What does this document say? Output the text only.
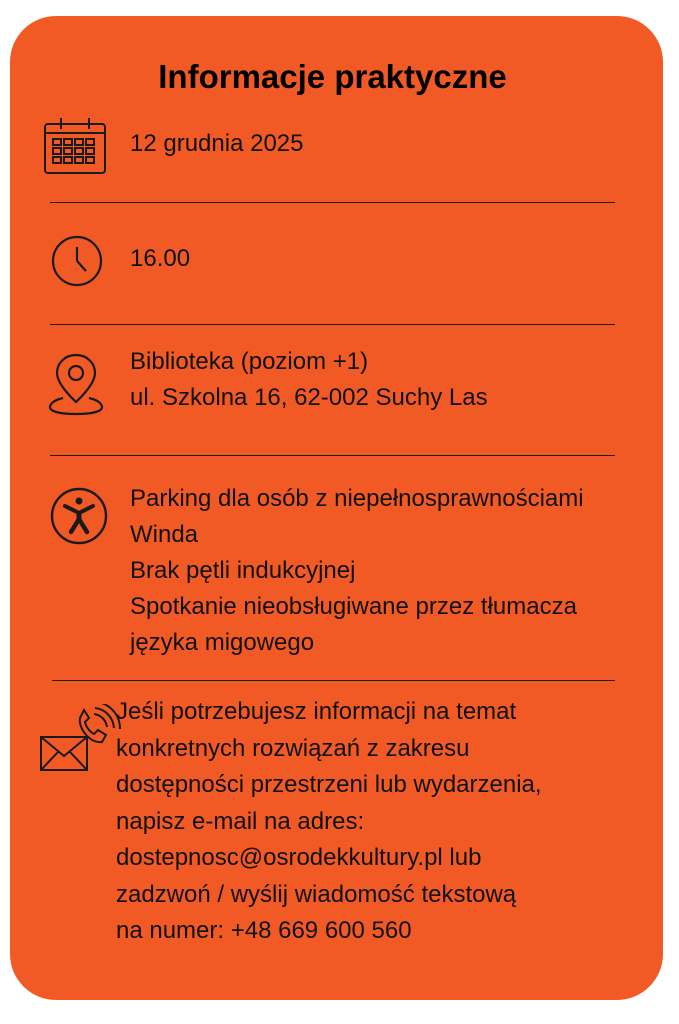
Informacje praktyczne
12 grudnia 2025
16.00
Biblioteka (poziom +1)
ul. Szkolna 16, 62-002 Suchy Las
Parking dla osób z niepełnosprawnościami
Winda
Brak pętli indukcyjnej
Spotkanie nieobsługiwane przez tłumacza
języka migowego
Jeśli potrzebujesz informacji na temat
konkretnych rozwiązań z zakresu
dostępności przestrzeni lub wydarzenia,
napisz e-mail na adres:
dostepnosc@osrodekkultury.pl lub
zadzwoń / wyślij wiadomość tekstową
na numer: +48 669 600 560
